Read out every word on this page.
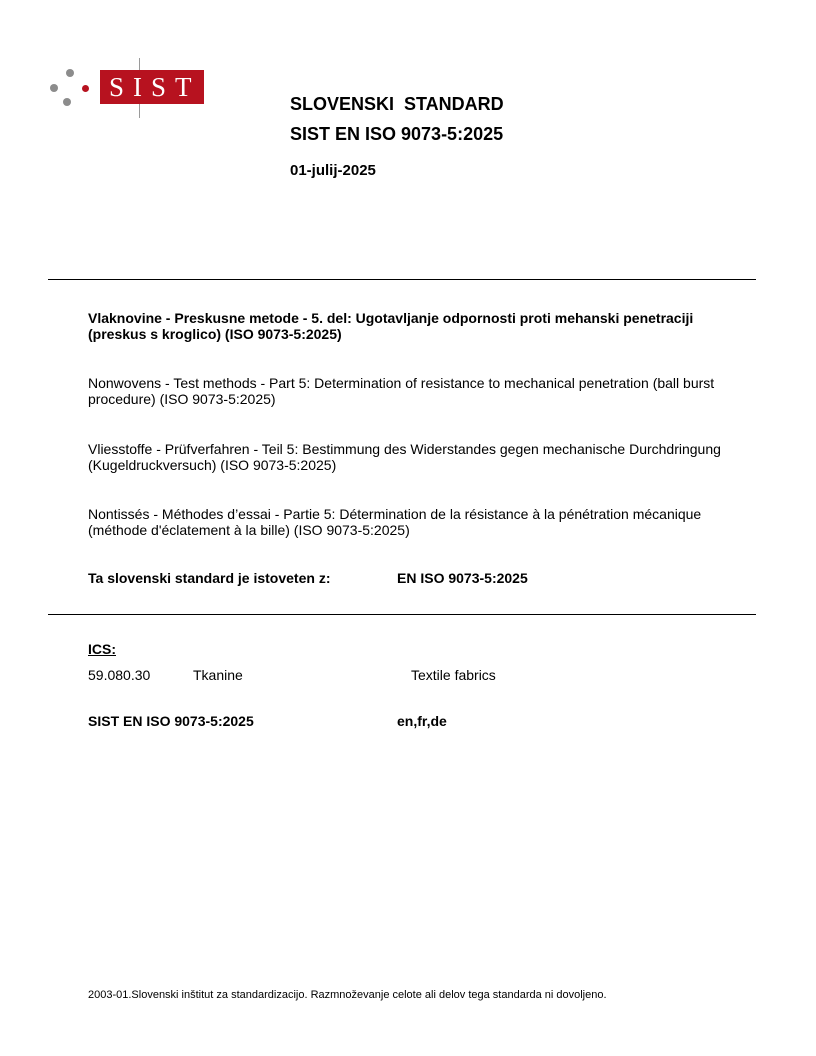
SIST
SLOVENSKI  STANDARD
SIST EN ISO 9073-5:2025
01-julij-2025
Vlaknovine - Preskusne metode - 5. del: Ugotavljanje odpornosti proti mehanski penetraciji (preskus s kroglico) (ISO 9073-5:2025)
Nonwovens - Test methods - Part 5: Determination of resistance to mechanical penetration (ball burst procedure) (ISO 9073-5:2025)
Vliesstoffe - Prüfverfahren - Teil 5: Bestimmung des Widerstandes gegen mechanische Durchdringung (Kugeldruckversuch) (ISO 9073-5:2025)
Nontissés - Méthodes d’essai - Partie 5: Détermination de la résistance à la pénétration mécanique (méthode d'éclatement à la bille) (ISO 9073-5:2025)
Ta slovenski standard je istoveten z:	EN ISO 9073-5:2025
ICS:
59.080.30	Tkanine	Textile fabrics
SIST EN ISO 9073-5:2025	en,fr,de
2003-01.Slovenski inštitut za standardizacijo. Razmnoževanje celote ali delov tega standarda ni dovoljeno.
